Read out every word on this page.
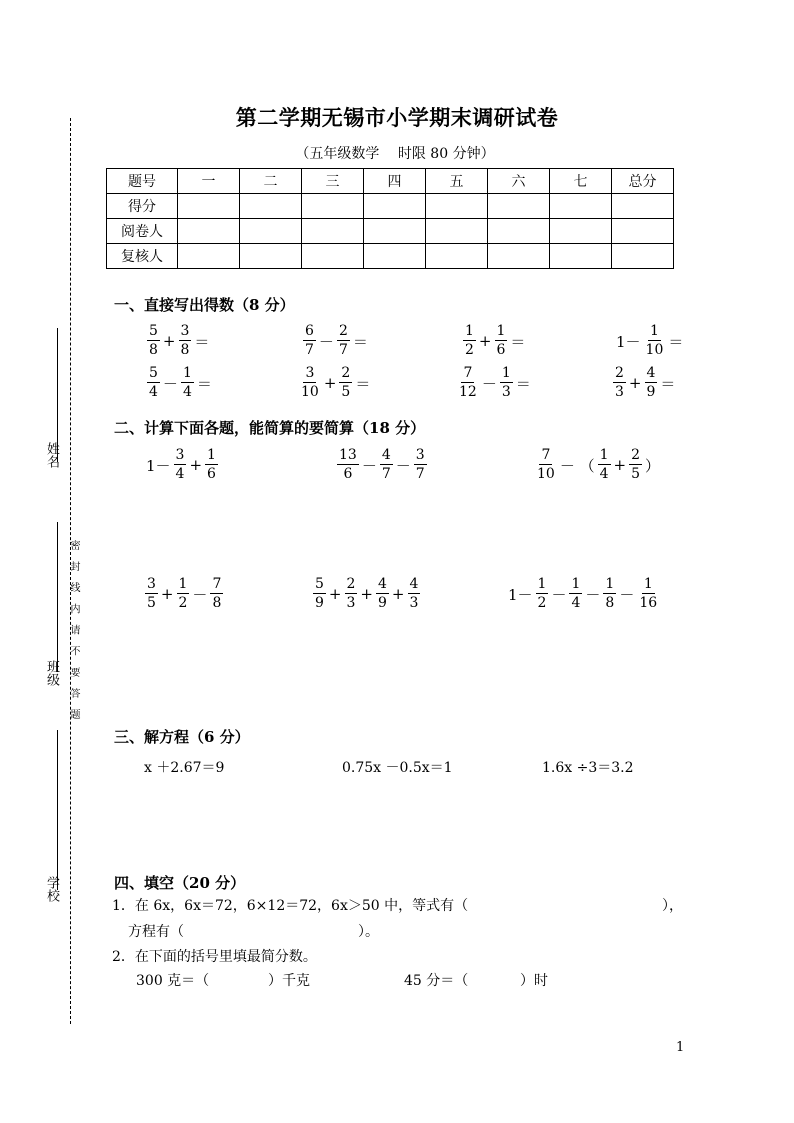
姓名
班级
学校
密 封 线 内 请 不 要 答 题
第二学期无锡市小学期末调研试卷
（五年级数学　 时限 80 分钟）
题号	一	二	三	四	五	六	七	总分
得分								
阅卷人								
复核人								
一、直接写出得数（8 分）
$\frac{5}{8} + \frac{3}{8}$ ＝	$\frac{6}{7} - \frac{2}{7}$ ＝	$\frac{1}{2} + \frac{1}{6}$ ＝	$1- \frac{1}{10}$ ＝
$\frac{5}{4} - \frac{1}{4}$ ＝	$\frac{3}{10} + \frac{2}{5}$ ＝	$\frac{7}{12} - \frac{1}{3}$ ＝	$\frac{2}{3} + \frac{4}{9}$ ＝
二、计算下面各题，能简算的要简算（18 分）
$1- \frac{3}{4} + \frac{1}{6}$	$\frac{13}{6} - \frac{4}{7} - \frac{3}{7}$	$\frac{7}{10}$ － （ $\frac{1}{4} + \frac{2}{5}$ ）
$\frac{3}{5} + \frac{1}{2} - \frac{7}{8}$	$\frac{5}{9} + \frac{2}{3} + \frac{4}{9} + \frac{4}{3}$	$1- \frac{1}{2} - \frac{1}{4} - \frac{1}{8} - \frac{1}{16}$
三、解方程（6 分）
x ＋2.67＝9	0.75x －0.5x＝1	1.6x ÷3＝3.2
四、填空（20 分）
1．在 6x，6x＝72，6×12＝72，6x＞50 中，等式有（	），
方程有（	）。
2．在下面的括号里填最简分数。
300 克＝（	）千克	45 分＝（	）时
1
